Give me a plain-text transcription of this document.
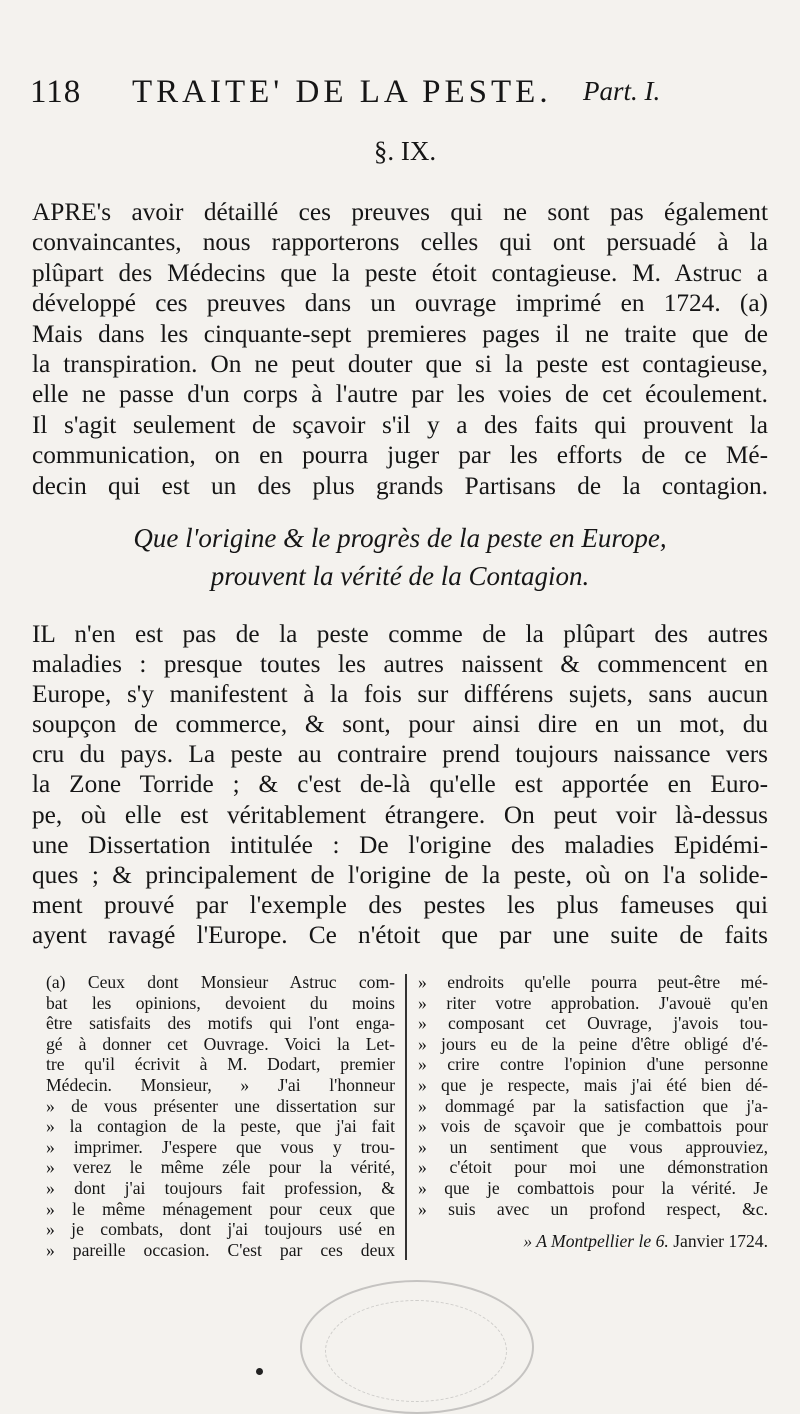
118 TRAITE' DE LA PESTE. Part. I.
§. IX.
APRE's avoir détaillé ces preuves qui ne sont pas également
convaincantes, nous rapporterons celles qui ont persuadé à la
plûpart des Médecins que la peste étoit contagieuse. M. Astruc a
développé ces preuves dans un ouvrage imprimé en 1724. (a)
Mais dans les cinquante-sept premieres pages il ne traite que de
la transpiration. On ne peut douter que si la peste est contagieuse,
elle ne passe d'un corps à l'autre par les voies de cet écoulement.
Il s'agit seulement de sçavoir s'il y a des faits qui prouvent la
communication, on en pourra juger par les efforts de ce Mé-
decin qui est un des plus grands Partisans de la contagion.
Que l'origine & le progrès de la peste en Europe,
prouvent la vérité de la Contagion.
IL n'en est pas de la peste comme de la plûpart des autres
maladies : presque toutes les autres naissent & commencent en
Europe, s'y manifestent à la fois sur différens sujets, sans aucun
soupçon de commerce, & sont, pour ainsi dire en un mot, du
cru du pays. La peste au contraire prend toujours naissance vers
la Zone Torride ; & c'est de-là qu'elle est apportée en Euro-
pe, où elle est véritablement étrangere. On peut voir là-dessus
une Dissertation intitulée : De l'origine des maladies Epidémi-
ques ; & principalement de l'origine de la peste, où on l'a solide-
ment prouvé par l'exemple des pestes les plus fameuses qui
ayent ravagé l'Europe. Ce n'étoit que par une suite de faits
(a) Ceux dont Monsieur Astruc com-
bat les opinions, devoient du moins
être satisfaits des motifs qui l'ont enga-
gé à donner cet Ouvrage. Voici la Let-
tre qu'il écrivit à M. Dodart, premier
Médecin. Monsieur, » J'ai l'honneur
» de vous présenter une dissertation sur
» la contagion de la peste, que j'ai fait
» imprimer. J'espere que vous y trou-
» verez le même zéle pour la vérité,
» dont j'ai toujours fait profession, &
» le même ménagement pour ceux que
» je combats, dont j'ai toujours usé en
» pareille occasion. C'est par ces deux
» endroits qu'elle pourra peut-être mé-
» riter votre approbation. J'avouë qu'en
» composant cet Ouvrage, j'avois tou-
» jours eu de la peine d'être obligé d'é-
» crire contre l'opinion d'une personne
» que je respecte, mais j'ai été bien dé-
» dommagé par la satisfaction que j'a-
» vois de sçavoir que je combattois pour
» un sentiment que vous approuviez,
» c'étoit pour moi une démonstration
» que je combattois pour la vérité. Je
» suis avec un profond respect, &c.
» A Montpellier le 6. Janvier 1724.
